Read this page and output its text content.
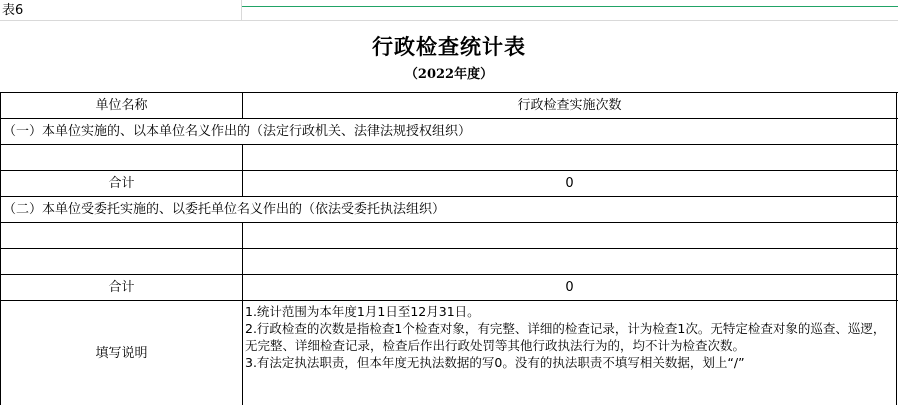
表6
行政检查统计表
（2022年度）
单位名称	行政检查实施次数
（一）本单位实施的、以本单位名义作出的（法定行政机关、法律法规授权组织）
合计	0
（二）本单位受委托实施的、以委托单位名义作出的（依法受委托执法组织）
合计	0
填写说明
1.统计范围为本年度1月1日至12月31日。
2.行政检查的次数是指检查1个检查对象，有完整、详细的检查记录，计为检查1次。无特定检查对象的巡查、巡逻，无完整、详细检查记录，检查后作出行政处罚等其他行政执法行为的，均不计为检查次数。
3.有法定执法职责，但本年度无执法数据的写0。没有的执法职责不填写相关数据，划上“/”
